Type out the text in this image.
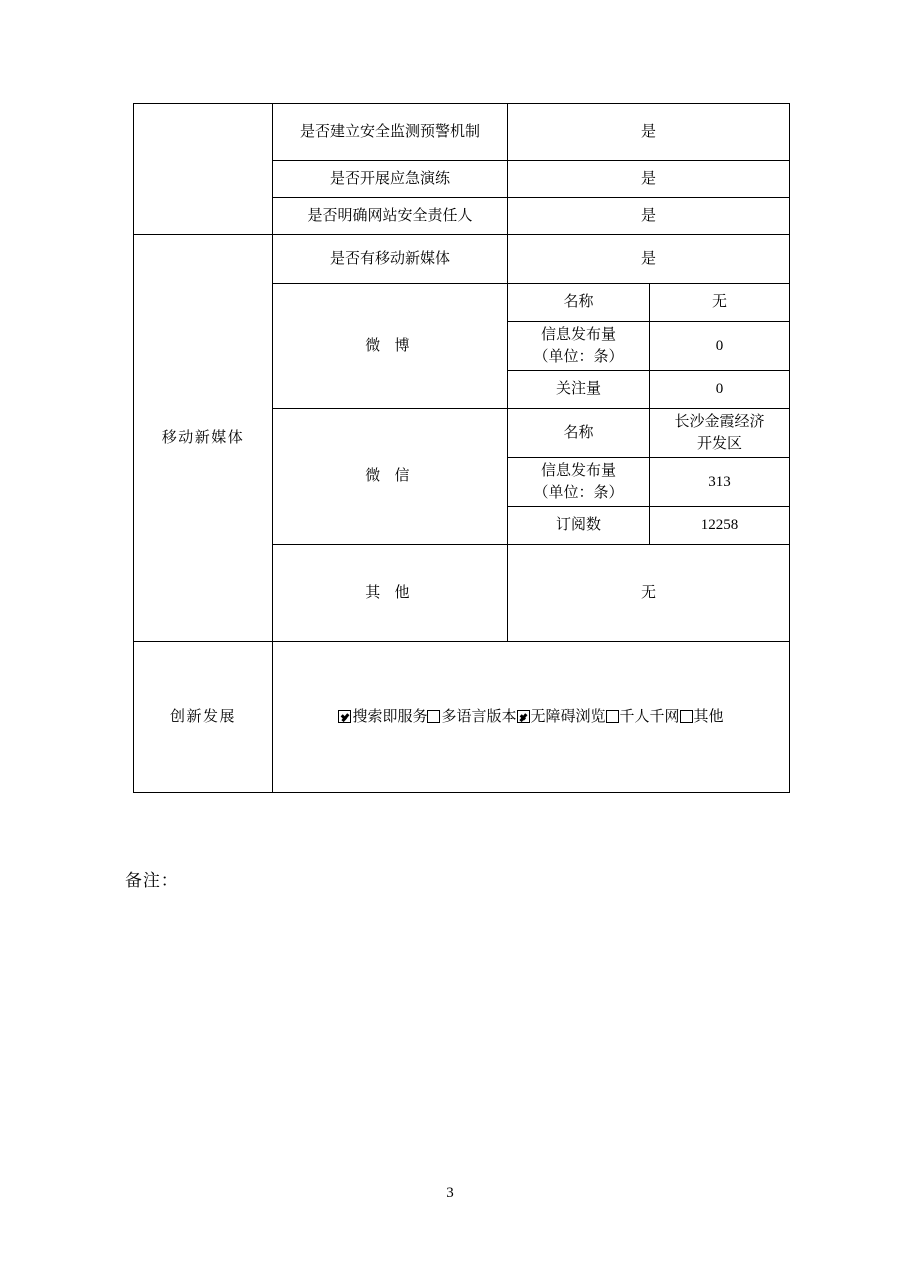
	是否建立安全监测预警机制	是	
	是否开展应急演练	是	
	是否明确网站安全责任人	是	
移动新媒体	是否有移动新媒体	是	
	微 博	名称	无

		信息发布量
（单位：条）	0
		关注量	0
	微 信	名称	长沙金霞经济
开发区

		信息发布量
（单位：条）	313
		订阅数	12258
	其 他	无	
创新发展	搜索即服务 多语言版本 无障碍浏览 千人千网 其他		
备注：
3
